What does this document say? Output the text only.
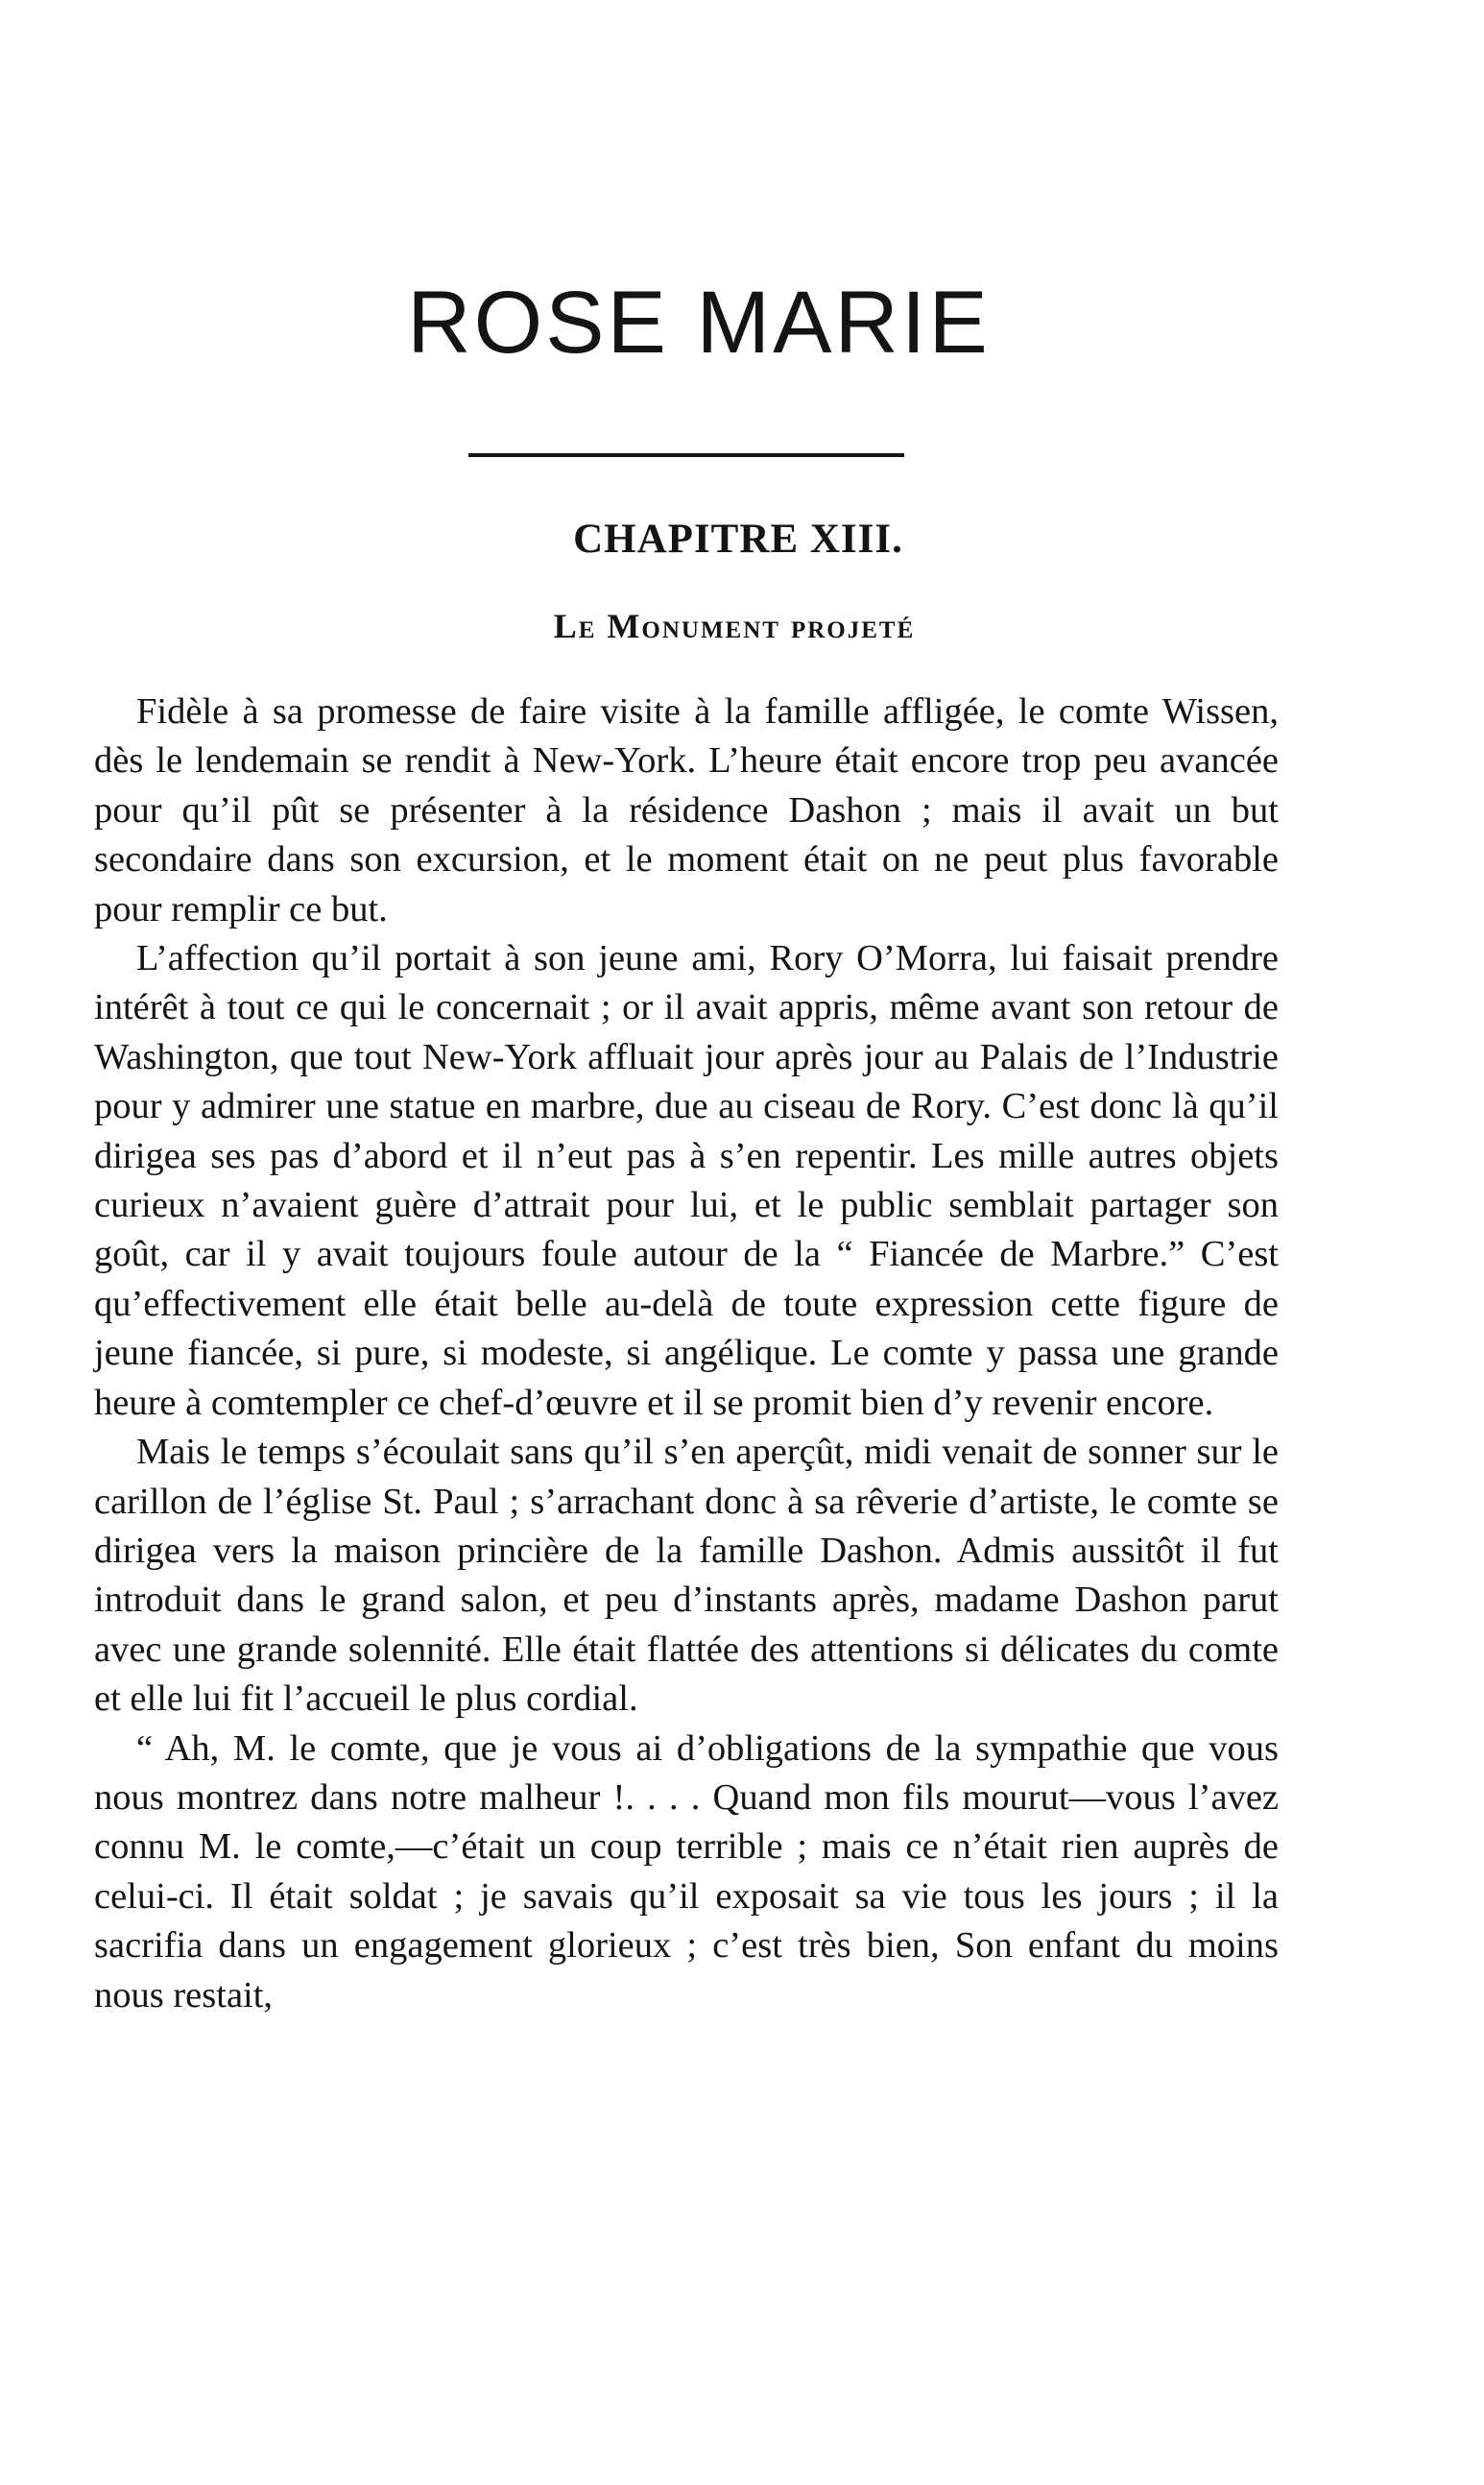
ROSE MARIE
CHAPITRE XIII.
Le Monument projeté

Fidèle à sa promesse de faire visite à la famille affligée, le comte Wissen, dès le lendemain se rendit à New-York. L’heure était encore trop peu avancée pour qu’il pût se présenter à la résidence Dashon ; mais il avait un but secondaire dans son excursion, et le moment était on ne peut plus favorable pour remplir ce but.

L’affection qu’il portait à son jeune ami, Rory O’Morra, lui faisait prendre intérêt à tout ce qui le concernait ; or il avait appris, même avant son retour de Washington, que tout New-York affluait jour après jour au Palais de l’Industrie pour y admirer une statue en marbre, due au ciseau de Rory. C’est donc là qu’il dirigea ses pas d’abord et il n’eut pas à s’en repentir. Les mille autres objets curieux n’avaient guère d’attrait pour lui, et le public semblait partager son goût, car il y avait toujours foule autour de la “ Fiancée de Marbre.” C’est qu’effectivement elle était belle au-delà de toute expression cette figure de jeune fiancée, si pure, si modeste, si angélique. Le comte y passa une grande heure à comtempler ce chef-d’œuvre et il se promit bien d’y revenir encore.

Mais le temps s’écoulait sans qu’il s’en aperçût, midi venait de sonner sur le carillon de l’église St. Paul ; s’arrachant donc à sa rêverie d’artiste, le comte se dirigea vers la maison princière de la famille Dashon. Admis aussitôt il fut introduit dans le grand salon, et peu d’instants après, madame Dashon parut avec une grande solennité. Elle était flattée des attentions si délicates du comte et elle lui fit l’accueil le plus cordial.

“ Ah, M. le comte, que je vous ai d’obligations de la sympathie que vous nous montrez dans notre malheur !. . . . Quand mon fils mourut—vous l’avez connu M. le comte,—c’était un coup terrible ; mais ce n’était rien auprès de celui-ci. Il était soldat ; je savais qu’il exposait sa vie tous les jours ; il la sacrifia dans un engagement glorieux ; c’est très bien, Son enfant du moins nous restait,
